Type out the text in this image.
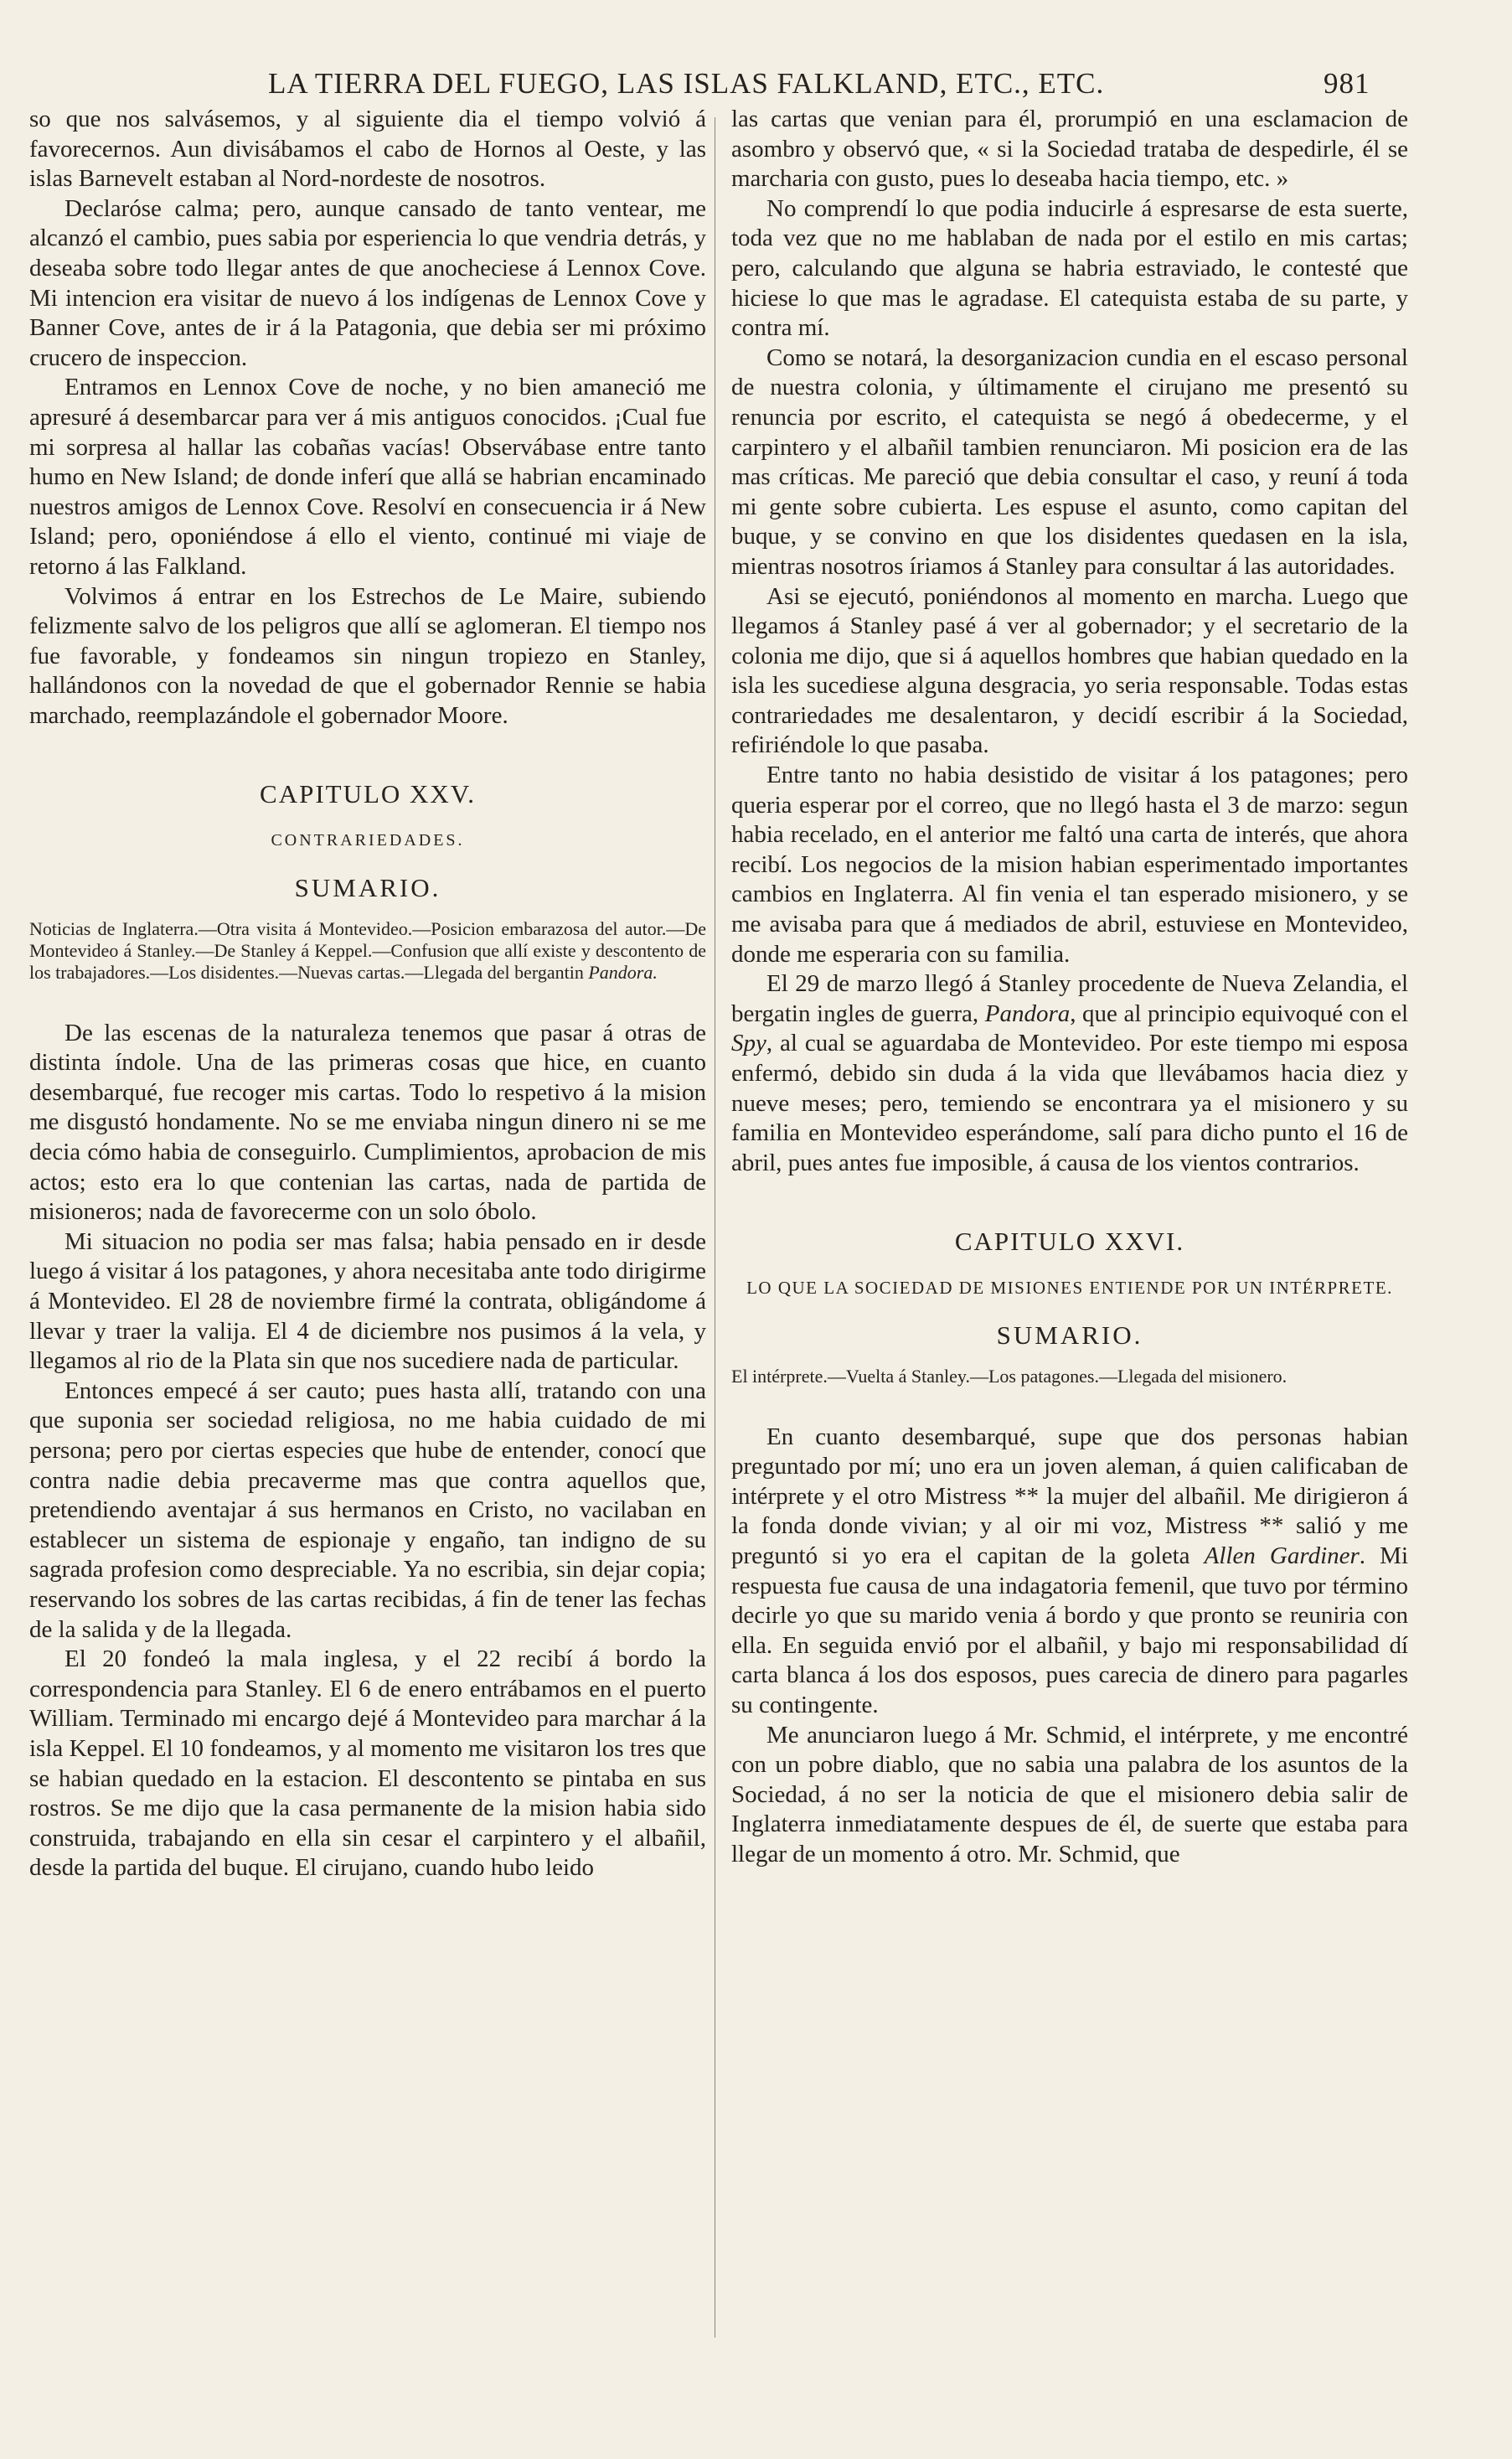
LA TIERRA DEL FUEGO, LAS ISLAS FALKLAND, ETC., ETC.	981

so que nos salvásemos, y al siguiente dia el tiempo volvió á favorecernos. Aun divisábamos el cabo de Hornos al Oeste, y las islas Barnevelt estaban al Nord-nordeste de nosotros.

Declaróse calma; pero, aunque cansado de tanto ventear, me alcanzó el cambio, pues sabia por esperiencia lo que vendria detrás, y deseaba sobre todo llegar antes de que anocheciese á Lennox Cove. Mi intencion era visitar de nuevo á los indígenas de Lennox Cove y Banner Cove, antes de ir á la Patagonia, que debia ser mi próximo crucero de inspeccion.

Entramos en Lennox Cove de noche, y no bien amaneció me apresuré á desembarcar para ver á mis antiguos conocidos. ¡Cual fue mi sorpresa al hallar las cobañas vacías! Observábase entre tanto humo en New Island; de donde inferí que allá se habrian encaminado nuestros amigos de Lennox Cove. Resolví en consecuencia ir á New Island; pero, oponiéndose á ello el viento, continué mi viaje de retorno á las Falkland.

Volvimos á entrar en los Estrechos de Le Maire, subiendo felizmente salvo de los peligros que allí se aglomeran. El tiempo nos fue favorable, y fondeamos sin ningun tropiezo en Stanley, hallándonos con la novedad de que el gobernador Rennie se habia marchado, reemplazándole el gobernador Moore.

CAPITULO XXV.
CONTRARIEDADES.
SUMARIO.
Noticias de Inglaterra.—Otra visita á Montevideo.—Posicion embarazosa del autor.—De Montevideo á Stanley.—De Stanley á Keppel.—Confusion que allí existe y descontento de los trabajadores.—Los disidentes.—Nuevas cartas.—Llegada del bergantin Pandora.

De las escenas de la naturaleza tenemos que pasar á otras de distinta índole. Una de las primeras cosas que hice, en cuanto desembarqué, fue recoger mis cartas. Todo lo respetivo á la mision me disgustó hondamente. No se me enviaba ningun dinero ni se me decia cómo habia de conseguirlo. Cumplimientos, aprobacion de mis actos; esto era lo que contenian las cartas, nada de partida de misioneros; nada de favorecerme con un solo óbolo.

Mi situacion no podia ser mas falsa; habia pensado en ir desde luego á visitar á los patagones, y ahora necesitaba ante todo dirigirme á Montevideo. El 28 de noviembre firmé la contrata, obligándome á llevar y traer la valija. El 4 de diciembre nos pusimos á la vela, y llegamos al rio de la Plata sin que nos sucediere nada de particular.

Entonces empecé á ser cauto; pues hasta allí, tratando con una que suponia ser sociedad religiosa, no me habia cuidado de mi persona; pero por ciertas especies que hube de entender, conocí que contra nadie debia precaverme mas que contra aquellos que, pretendiendo aventajar á sus hermanos en Cristo, no vacilaban en establecer un sistema de espionaje y engaño, tan indigno de su sagrada profesion como despreciable. Ya no escribia, sin dejar copia; reservando los sobres de las cartas recibidas, á fin de tener las fechas de la salida y de la llegada.

El 20 fondeó la mala inglesa, y el 22 recibí á bordo la correspondencia para Stanley. El 6 de enero entrábamos en el puerto William. Terminado mi encargo dejé á Montevideo para marchar á la isla Keppel. El 10 fondeamos, y al momento me visitaron los tres que se habian quedado en la estacion. El descontento se pintaba en sus rostros. Se me dijo que la casa permanente de la mision habia sido construida, trabajando en ella sin cesar el carpintero y el albañil, desde la partida del buque. El cirujano, cuando hubo leido

las cartas que venian para él, prorumpió en una esclamacion de asombro y observó que, « si la Sociedad trataba de despedirle, él se marcharia con gusto, pues lo deseaba hacia tiempo, etc. »

No comprendí lo que podia inducirle á espresarse de esta suerte, toda vez que no me hablaban de nada por el estilo en mis cartas; pero, calculando que alguna se habria estraviado, le contesté que hiciese lo que mas le agradase. El catequista estaba de su parte, y contra mí.

Como se notará, la desorganizacion cundia en el escaso personal de nuestra colonia, y últimamente el cirujano me presentó su renuncia por escrito, el catequista se negó á obedecerme, y el carpintero y el albañil tambien renunciaron. Mi posicion era de las mas críticas. Me pareció que debia consultar el caso, y reuní á toda mi gente sobre cubierta. Les espuse el asunto, como capitan del buque, y se convino en que los disidentes quedasen en la isla, mientras nosotros íriamos á Stanley para consultar á las autoridades.

Asi se ejecutó, poniéndonos al momento en marcha. Luego que llegamos á Stanley pasé á ver al gobernador; y el secretario de la colonia me dijo, que si á aquellos hombres que habian quedado en la isla les sucediese alguna desgracia, yo seria responsable. Todas estas contrariedades me desalentaron, y decidí escribir á la Sociedad, refiriéndole lo que pasaba.

Entre tanto no habia desistido de visitar á los patagones; pero queria esperar por el correo, que no llegó hasta el 3 de marzo: segun habia recelado, en el anterior me faltó una carta de interés, que ahora recibí. Los negocios de la mision habian esperimentado importantes cambios en Inglaterra. Al fin venia el tan esperado misionero, y se me avisaba para que á mediados de abril, estuviese en Montevideo, donde me esperaria con su familia.

El 29 de marzo llegó á Stanley procedente de Nueva Zelandia, el bergatin ingles de guerra, Pandora, que al principio equivoqué con el Spy, al cual se aguardaba de Montevideo. Por este tiempo mi esposa enfermó, debido sin duda á la vida que llevábamos hacia diez y nueve meses; pero, temiendo se encontrara ya el misionero y su familia en Montevideo esperándome, salí para dicho punto el 16 de abril, pues antes fue imposible, á causa de los vientos contrarios.

CAPITULO XXVI.
LO QUE LA SOCIEDAD DE MISIONES ENTIENDE POR UN INTÉRPRETE.
SUMARIO.
El intérprete.—Vuelta á Stanley.—Los patagones.—Llegada del misionero.

En cuanto desembarqué, supe que dos personas habian preguntado por mí; uno era un joven aleman, á quien calificaban de intérprete y el otro Mistress ** la mujer del albañil. Me dirigieron á la fonda donde vivian; y al oir mi voz, Mistress ** salió y me preguntó si yo era el capitan de la goleta Allen Gardiner. Mi respuesta fue causa de una indagatoria femenil, que tuvo por término decirle yo que su marido venia á bordo y que pronto se reuniria con ella. En seguida envió por el albañil, y bajo mi responsabilidad dí carta blanca á los dos esposos, pues carecia de dinero para pagarles su contingente.

Me anunciaron luego á Mr. Schmid, el intérprete, y me encontré con un pobre diablo, que no sabia una palabra de los asuntos de la Sociedad, á no ser la noticia de que el misionero debia salir de Inglaterra inmediatamente despues de él, de suerte que estaba para llegar de un momento á otro. Mr. Schmid, que
